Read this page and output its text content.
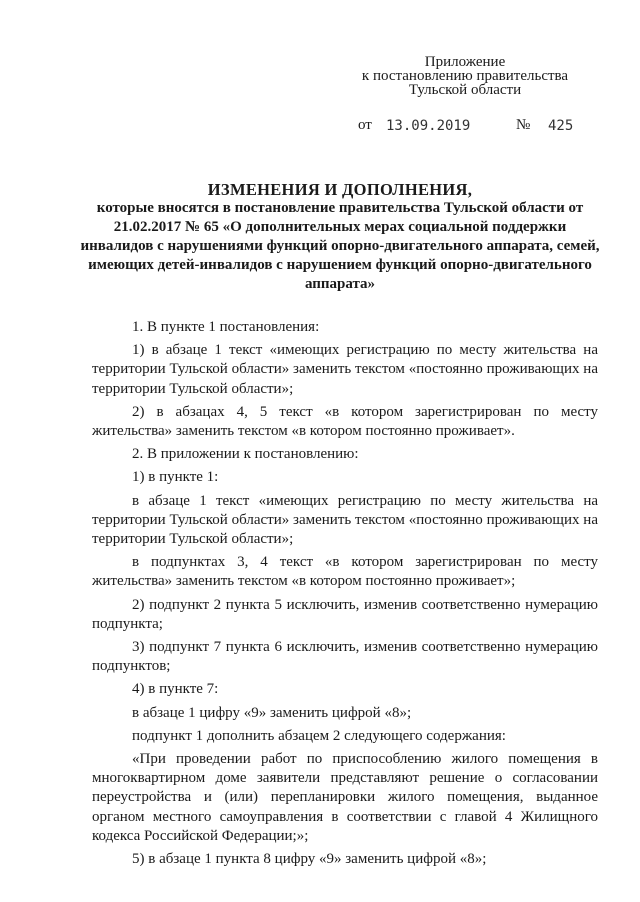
Приложение
к постановлению правительства
Тульской области
от 13.09.2019	№ 425
ИЗМЕНЕНИЯ И ДОПОЛНЕНИЯ,
которые вносятся в постановление правительства Тульской области от 21.02.2017 № 65 «О дополнительных мерах социальной поддержки инвалидов с нарушениями функций опорно-двигательного аппарата, семей, имеющих детей-инвалидов с нарушением функций опорно-двигательного аппарата»

1. В пункте 1 постановления:

1) в абзаце 1 текст «имеющих регистрацию по месту жительства на территории Тульской области» заменить текстом «постоянно проживающих на территории Тульской области»;

2) в абзацах 4, 5 текст «в котором зарегистрирован по месту жительства» заменить текстом «в котором постоянно проживает».

2. В приложении к постановлению:

1) в пункте 1:

в абзаце 1 текст «имеющих регистрацию по месту жительства на территории Тульской области» заменить текстом «постоянно проживающих на территории Тульской области»;

в подпунктах 3, 4 текст «в котором зарегистрирован по месту жительства» заменить текстом «в котором постоянно проживает»;

2) подпункт 2 пункта 5 исключить, изменив соответственно нумерацию подпункта;

3) подпункт 7 пункта 6 исключить, изменив соответственно нумерацию подпунктов;

4) в пункте 7:

в абзаце 1 цифру «9» заменить цифрой «8»;

подпункт 1 дополнить абзацем 2 следующего содержания:

«При проведении работ по приспособлению жилого помещения в многоквартирном доме заявители представляют решение о согласовании переустройства и (или) перепланировки жилого помещения, выданное органом местного самоуправления в соответствии с главой 4 Жилищного кодекса Российской Федерации;»;

5) в абзаце 1 пункта 8 цифру «9» заменить цифрой «8»;
